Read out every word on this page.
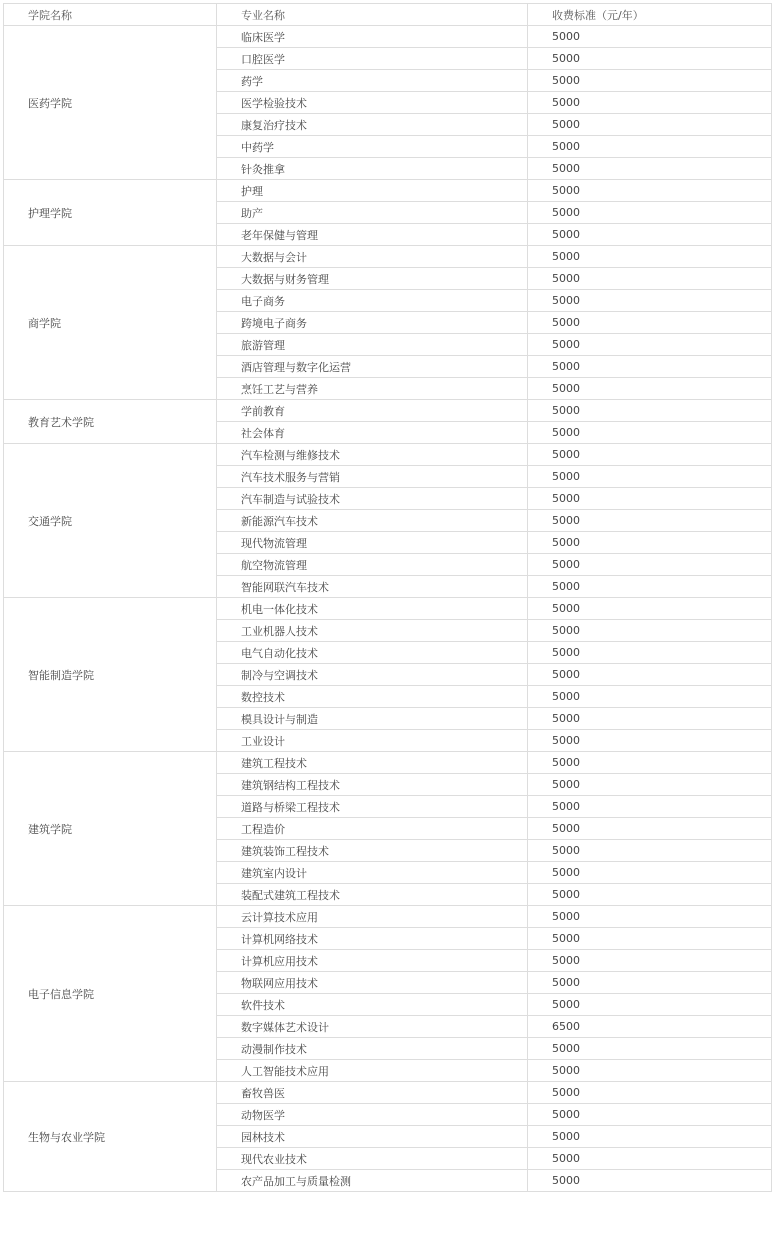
学院名称	专业名称	收费标准（元/年）
医药学院	临床医学	5000
	口腔医学	5000
	药学	5000
	医学检验技术	5000
	康复治疗技术	5000
	中药学	5000
	针灸推拿	5000
护理学院	护理	5000
	助产	5000
	老年保健与管理	5000
商学院	大数据与会计	5000
	大数据与财务管理	5000
	电子商务	5000
	跨境电子商务	5000
	旅游管理	5000
	酒店管理与数字化运营	5000
	烹饪工艺与营养	5000
教育艺术学院	学前教育	5000
	社会体育	5000
交通学院	汽车检测与维修技术	5000
	汽车技术服务与营销	5000
	汽车制造与试验技术	5000
	新能源汽车技术	5000
	现代物流管理	5000
	航空物流管理	5000
	智能网联汽车技术	5000
智能制造学院	机电一体化技术	5000
	工业机器人技术	5000
	电气自动化技术	5000
	制冷与空调技术	5000
	数控技术	5000
	模具设计与制造	5000
	工业设计	5000
建筑学院	建筑工程技术	5000
	建筑钢结构工程技术	5000
	道路与桥梁工程技术	5000
	工程造价	5000
	建筑装饰工程技术	5000
	建筑室内设计	5000
	装配式建筑工程技术	5000
电子信息学院	云计算技术应用	5000
	计算机网络技术	5000
	计算机应用技术	5000
	物联网应用技术	5000
	软件技术	5000
	数字媒体艺术设计	6500
	动漫制作技术	5000
	人工智能技术应用	5000
生物与农业学院	畜牧兽医	5000
	动物医学	5000
	园林技术	5000
	现代农业技术	5000
	农产品加工与质量检测	5000
